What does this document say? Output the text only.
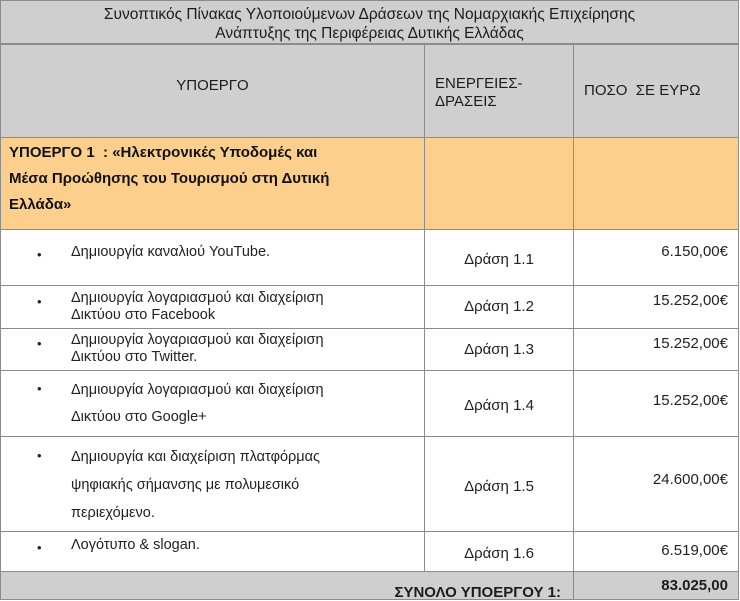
Συνοπτικός Πίνακας Υλοποιούμενων Δράσεων της Νομαρχιακής Επιχείρησης
Ανάπτυξης της Περιφέρειας Δυτικής Ελλάδας
ΥΠΟΕΡΓΟ	ΕΝΕΡΓΕΙΕΣ-
ΔΡΑΣΕΙΣ
ΠΟΣΟ  ΣΕ ΕΥΡΩ
ΥΠΟΕΡΓΟ 1  : «Ηλεκτρονικές Υποδομές και
Μέσα Προώθησης του Τουρισμού στη Δυτική
Ελλάδα»
• Δημιουργία καναλιού YouTube.	Δράση 1.1	6.150,00€
• Δημιουργία λογαριασμού και διαχείριση
Δικτύου στο Facebook	Δράση 1.2	15.252,00€
• Δημιουργία λογαριασμού και διαχείριση
Δικτύου στο Twitter.	Δράση 1.3	15.252,00€
• Δημιουργία λογαριασμού και διαχείριση
Δικτύου στο Google+
Δράση 1.4	15.252,00€
• Δημιουργία και διαχείριση πλατφόρμας
ψηφιακής σήμανσης με πολυμεσικό
περιεχόμενο.
Δράση 1.5	24.600,00€
• Λογότυπο & slogan.	Δράση 1.6	6.519,00€
ΣΥΝΟΛΟ ΥΠΟΕΡΓΟΥ 1:	83.025,00
